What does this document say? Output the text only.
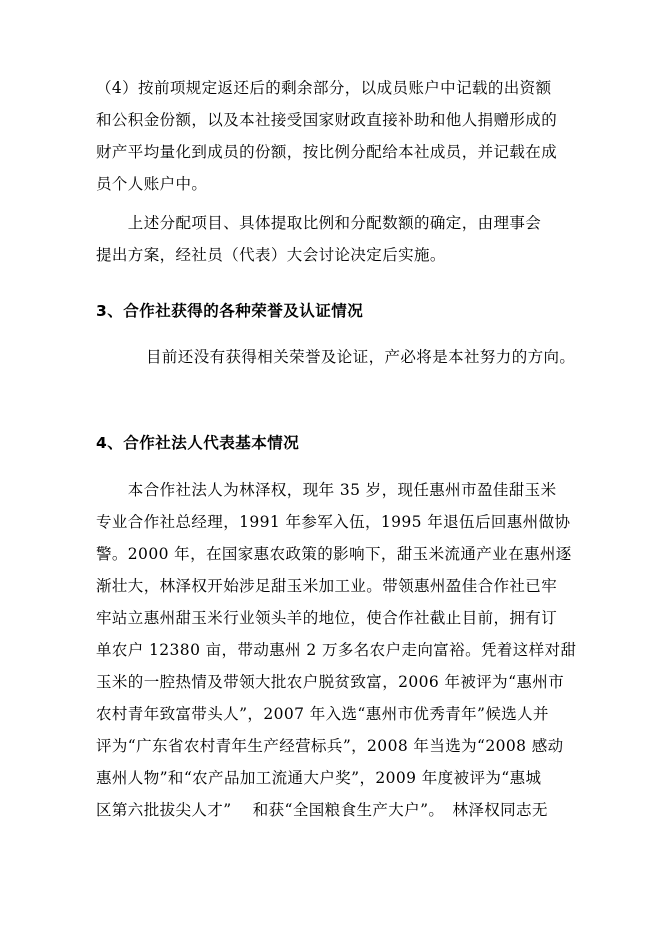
（4）按前项规定返还后的剩余部分，以成员账户中记载的出资额
和公积金份额，以及本社接受国家财政直接补助和他人捐赠形成的
财产平均量化到成员的份额，按比例分配给本社成员，并记载在成
员个人账户中。
　　上述分配项目、具体提取比例和分配数额的确定，由理事会
提出方案，经社员（代表）大会讨论决定后实施。
3、合作社获得的各种荣誉及认证情况
目前还没有获得相关荣誉及论证，产必将是本社努力的方向。
4、合作社法人代表基本情况
　　本合作社法人为林泽权，现年 35 岁，现任惠州市盈佳甜玉米
专业合作社总经理，1991 年参军入伍，1995 年退伍后回惠州做协
警。2000 年，在国家惠农政策的影响下，甜玉米流通产业在惠州逐
渐壮大，林泽权开始涉足甜玉米加工业。带领惠州盈佳合作社已牢
牢站立惠州甜玉米行业领头羊的地位，使合作社截止目前，拥有订
单农户 12380 亩，带动惠州 2 万多名农户走向富裕。凭着这样对甜
玉米的一腔热情及带领大批农户脱贫致富，2006 年被评为“惠州市
农村青年致富带头人”，2007 年入选“惠州市优秀青年”候选人并
评为“广东省农村青年生产经营标兵”，2008 年当选为“2008 感动
惠州人物”和“农产品加工流通大户奖”，2009 年度被评为“惠城
区第六批拔尖人才”　 和获“全国粮食生产大户”。　林泽权同志无
